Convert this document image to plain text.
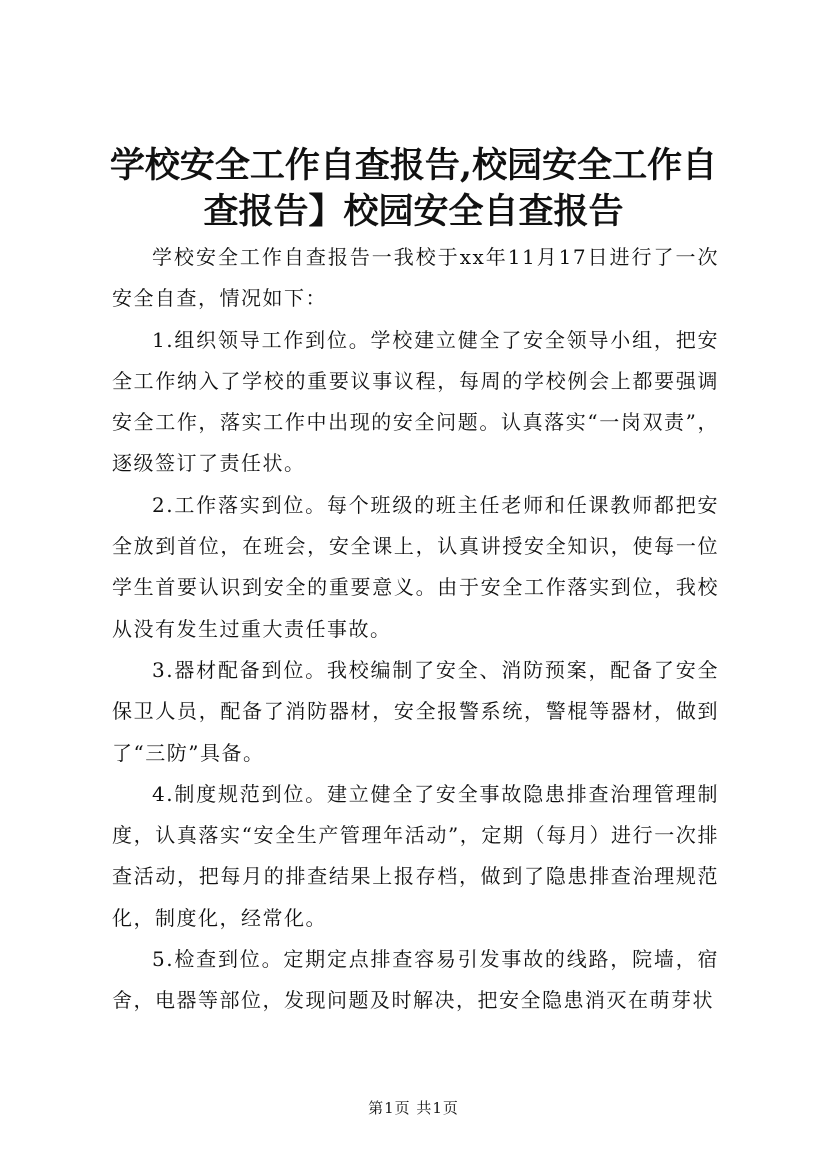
学校安全工作自查报告,校园安全工作自查报告】校园安全自查报告

学校安全工作自查报告一我校于xx年11月17日进行了一次安全自查，情况如下：

1.组织领导工作到位。学校建立健全了安全领导小组，把安全工作纳入了学校的重要议事议程，每周的学校例会上都要强调安全工作，落实工作中出现的安全问题。认真落实“一岗双责”，逐级签订了责任状。

2.工作落实到位。每个班级的班主任老师和任课教师都把安全放到首位，在班会，安全课上，认真讲授安全知识，使每一位学生首要认识到安全的重要意义。由于安全工作落实到位，我校从没有发生过重大责任事故。

3.器材配备到位。我校编制了安全、消防预案，配备了安全保卫人员，配备了消防器材，安全报警系统，警棍等器材，做到了“三防”具备。

4.制度规范到位。建立健全了安全事故隐患排查治理管理制度，认真落实“安全生产管理年活动”，定期（每月）进行一次排查活动，把每月的排查结果上报存档，做到了隐患排查治理规范化，制度化，经常化。

5.检查到位。定期定点排查容易引发事故的线路，院墙，宿舍，电器等部位，发现问题及时解决，把安全隐患消灭在萌芽状

第1页 共1页
